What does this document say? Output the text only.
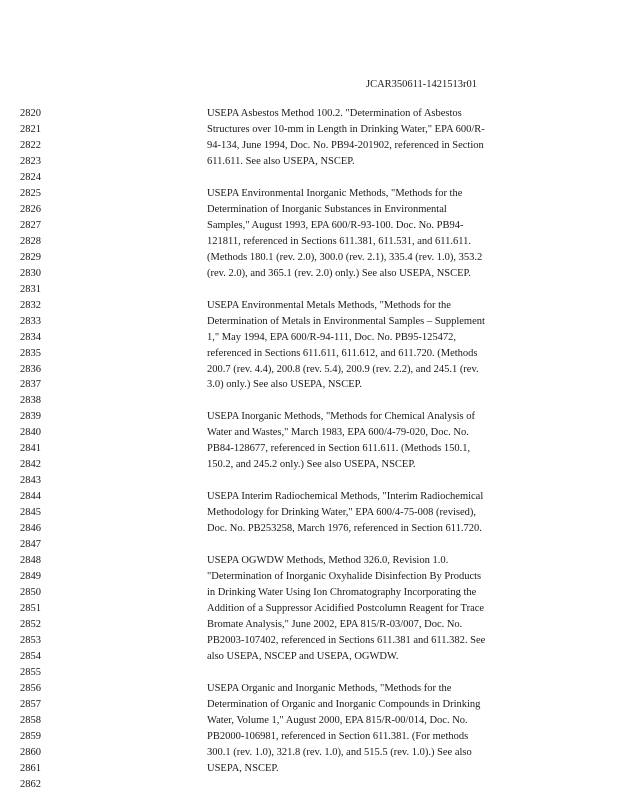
JCAR350611-1421513r01
2820
2821
2822
2823
2824
2825
2826
2827
2828
2829
2830
2831
2832
2833
2834
2835
2836
2837
2838
2839
2840
2841
2842
2843
2844
2845
2846
2847
2848
2849
2850
2851
2852
2853
2854
2855
2856
2857
2858
2859
2860
2861
2862
USEPA Asbestos Method 100.2. "Determination of Asbestos
Structures over 10-mm in Length in Drinking Water," EPA 600/R-
94-134, June 1994, Doc. No. PB94-201902, referenced in Section
611.611. See also USEPA, NSCEP.
USEPA Environmental Inorganic Methods, "Methods for the
Determination of Inorganic Substances in Environmental
Samples," August 1993, EPA 600/R-93-100. Doc. No. PB94-
121811, referenced in Sections 611.381, 611.531, and 611.611.
(Methods 180.1 (rev. 2.0), 300.0 (rev. 2.1), 335.4 (rev. 1.0), 353.2
(rev. 2.0), and 365.1 (rev. 2.0) only.) See also USEPA, NSCEP.
USEPA Environmental Metals Methods, "Methods for the
Determination of Metals in Environmental Samples – Supplement
1," May 1994, EPA 600/R-94-111, Doc. No. PB95-125472,
referenced in Sections 611.611, 611.612, and 611.720. (Methods
200.7 (rev. 4.4), 200.8 (rev. 5.4), 200.9 (rev. 2.2), and 245.1 (rev.
3.0) only.) See also USEPA, NSCEP.
USEPA Inorganic Methods, "Methods for Chemical Analysis of
Water and Wastes," March 1983, EPA 600/4-79-020, Doc. No.
PB84-128677, referenced in Section 611.611. (Methods 150.1,
150.2, and 245.2 only.) See also USEPA, NSCEP.
USEPA Interim Radiochemical Methods, "Interim Radiochemical
Methodology for Drinking Water," EPA 600/4-75-008 (revised),
Doc. No. PB253258, March 1976, referenced in Section 611.720.
USEPA OGWDW Methods, Method 326.0, Revision 1.0.
"Determination of Inorganic Oxyhalide Disinfection By Products
in Drinking Water Using Ion Chromatography Incorporating the
Addition of a Suppressor Acidified Postcolumn Reagent for Trace
Bromate Analysis," June 2002, EPA 815/R-03/007, Doc. No.
PB2003-107402, referenced in Sections 611.381 and 611.382. See
also USEPA, NSCEP and USEPA, OGWDW.
USEPA Organic and Inorganic Methods, "Methods for the
Determination of Organic and Inorganic Compounds in Drinking
Water, Volume 1," August 2000, EPA 815/R-00/014, Doc. No.
PB2000-106981, referenced in Section 611.381. (For methods
300.1 (rev. 1.0), 321.8 (rev. 1.0), and 515.5 (rev. 1.0).) See also
USEPA, NSCEP.
